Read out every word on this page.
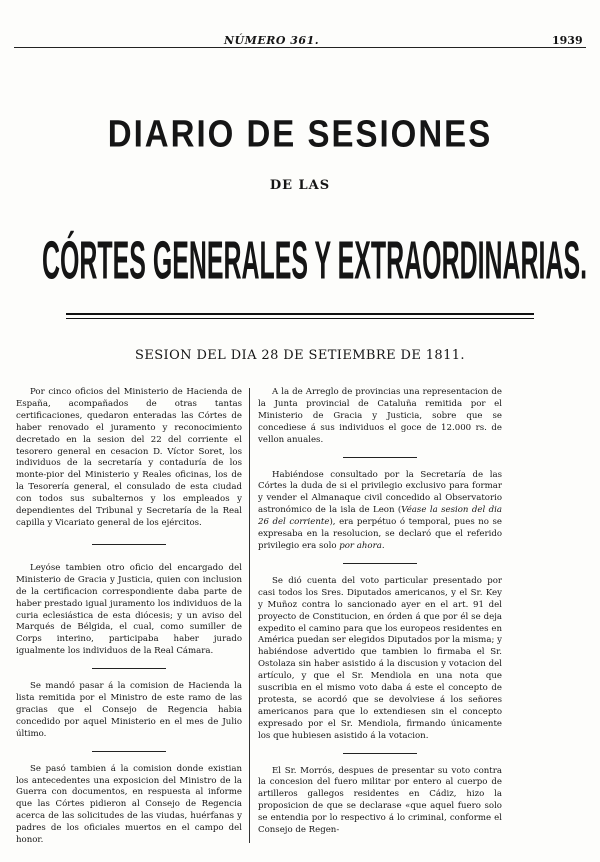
NÚMERO 361.	1939
DIARIO DE SESIONES
DE LAS
CÓRTES GENERALES Y EXTRAORDINARIAS.
SESION DEL DIA 28 DE SETIEMBRE DE 1811.

Por cinco oficios del Ministerio de Hacienda de España, acompañados de otras tantas certificaciones, quedaron enteradas las Córtes de haber renovado el juramento y reconocimiento decretado en la sesion del 22 del corriente el tesorero general en cesacion D. Víctor Soret, los individuos de la secretaría y contaduría de los monte-pior del Ministerio y Reales oficinas, los de la Tesorería general, el consulado de esta ciudad con todos sus subalternos y los empleados y dependientes del Tribunal y Secretaría de la Real capilla y Vicariato general de los ejércitos.

Leyóse tambien otro oficio del encargado del Ministerio de Gracia y Justicia, quien con inclusion de la certificacion correspondiente daba parte de haber prestado igual juramento los individuos de la curia eclesiástica de esta diócesis; y un aviso del Marqués de Bélgida, el cual, como sumiller de Corps interino, participaba haber jurado igualmente los individuos de la Real Cámara.

Se mandó pasar á la comision de Hacienda la lista remitida por el Ministro de este ramo de las gracias que el Consejo de Regencia habia concedido por aquel Ministerio en el mes de Julio último.

Se pasó tambien á la comision donde existian los antecedentes una exposicion del Ministro de la Guerra con documentos, en respuesta al informe que las Córtes pidieron al Consejo de Regencia acerca de las solicitudes de las viudas, huérfanas y padres de los oficiales muertos en el campo del honor.

A la de Arreglo de provincias una representacion de la Junta provincial de Cataluña remitida por el Ministerio de Gracia y Justicia, sobre que se concediese á sus individuos el goce de 12.000 rs. de vellon anuales.

Habiéndose consultado por la Secretaría de las Córtes la duda de si el privilegio exclusivo para formar y vender el Almanaque civil concedido al Observatorio astronómico de la isla de Leon (Véase la sesion del dia 26 del corriente), era perpétuo ó temporal, pues no se expresaba en la resolucion, se declaró que el referido privilegio era solo por ahora.

Se dió cuenta del voto particular presentado por casi todos los Sres. Diputados americanos, y el Sr. Key y Muñoz contra lo sancionado ayer en el art. 91 del proyecto de Constitucion, en órden á que por él se deja expedito el camino para que los europeos residentes en América puedan ser elegidos Diputados por la misma; y habiéndose advertido que tambien lo firmaba el Sr. Ostolaza sin haber asistido á la discusion y votacion del artículo, y que el Sr. Mendiola en una nota que suscribia en el mismo voto daba á este el concepto de protesta, se acordó que se devolviese á los señores americanos para que lo extendiesen sin el concepto expresado por el Sr. Mendiola, firmando únicamente los que hubiesen asistido á la votacion.

El Sr. Morrós, despues de presentar su voto contra la concesion del fuero militar por entero al cuerpo de artilleros gallegos residentes en Cádiz, hizo la proposicion de que se declarase «que aquel fuero solo se entendia por lo respectivo á lo criminal, conforme el Consejo de Regen-
